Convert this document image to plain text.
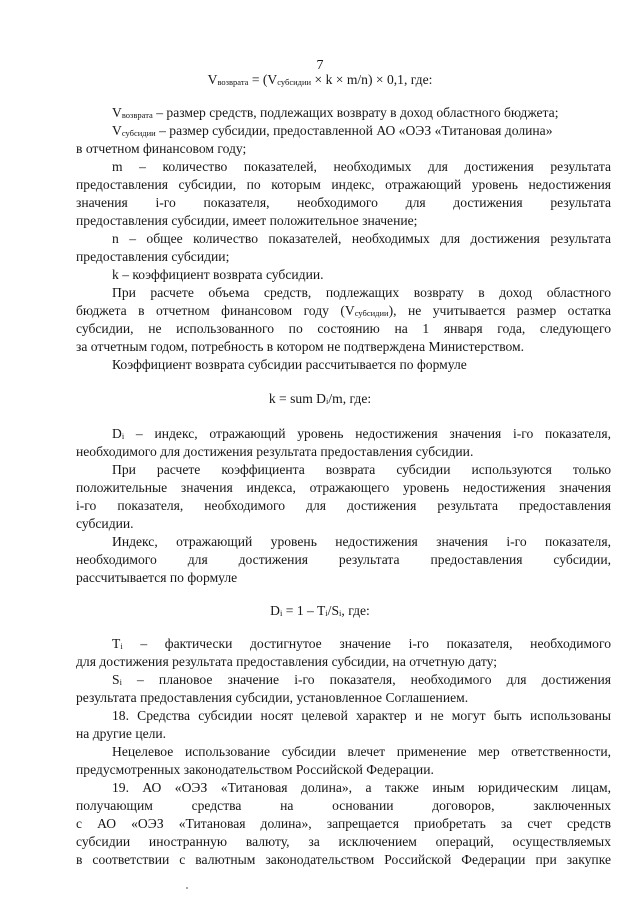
7
Vвозврата = (Vсубсидии × k × m/n) × 0,1, где:
Vвозврата – размер средств, подлежащих возврату в доход областного бюджета;
Vсубсидии – размер субсидии, предоставленной АО «ОЭЗ «Титановая долина»
в отчетном финансовом году;
m – количество показателей, необходимых для достижения результата
предоставления субсидии, по которым индекс, отражающий уровень недостижения
значения i-го показателя, необходимого для достижения результата
предоставления субсидии, имеет положительное значение;
n – общее количество показателей, необходимых для достижения результата
предоставления субсидии;
k – коэффициент возврата субсидии.
При расчете объема средств, подлежащих возврату в доход областного
бюджета в отчетном финансовом году (Vсубсидии), не учитывается размер остатка
субсидии, не использованного по состоянию на 1 января года, следующего
за отчетным годом, потребность в котором не подтверждена Министерством.
Коэффициент возврата субсидии рассчитывается по формуле
k = sum Di/m, где:
Di – индекс, отражающий уровень недостижения значения i-го показателя,
необходимого для достижения результата предоставления субсидии.
При расчете коэффициента возврата субсидии используются только
положительные значения индекса, отражающего уровень недостижения значения
i-го показателя, необходимого для достижения результата предоставления
субсидии.
Индекс, отражающий уровень недостижения значения i-го показателя,
необходимого для достижения результата предоставления субсидии,
рассчитывается по формуле
Di = 1 – Ti/Si, где:
Ti – фактически достигнутое значение i-го показателя, необходимого
для достижения результата предоставления субсидии, на отчетную дату;
Si – плановое значение i-го показателя, необходимого для достижения
результата предоставления субсидии, установленное Соглашением.
18. Средства субсидии носят целевой характер и не могут быть использованы
на другие цели.
Нецелевое использование субсидии влечет применение мер ответственности,
предусмотренных законодательством Российской Федерации.
19. АО «ОЭЗ «Титановая долина», а также иным юридическим лицам,
получающим средства на основании договоров, заключенных
с АО «ОЭЗ «Титановая долина», запрещается приобретать за счет средств
субсидии иностранную валюту, за исключением операций, осуществляемых
в соответствии с валютным законодательством Российской Федерации при закупке
